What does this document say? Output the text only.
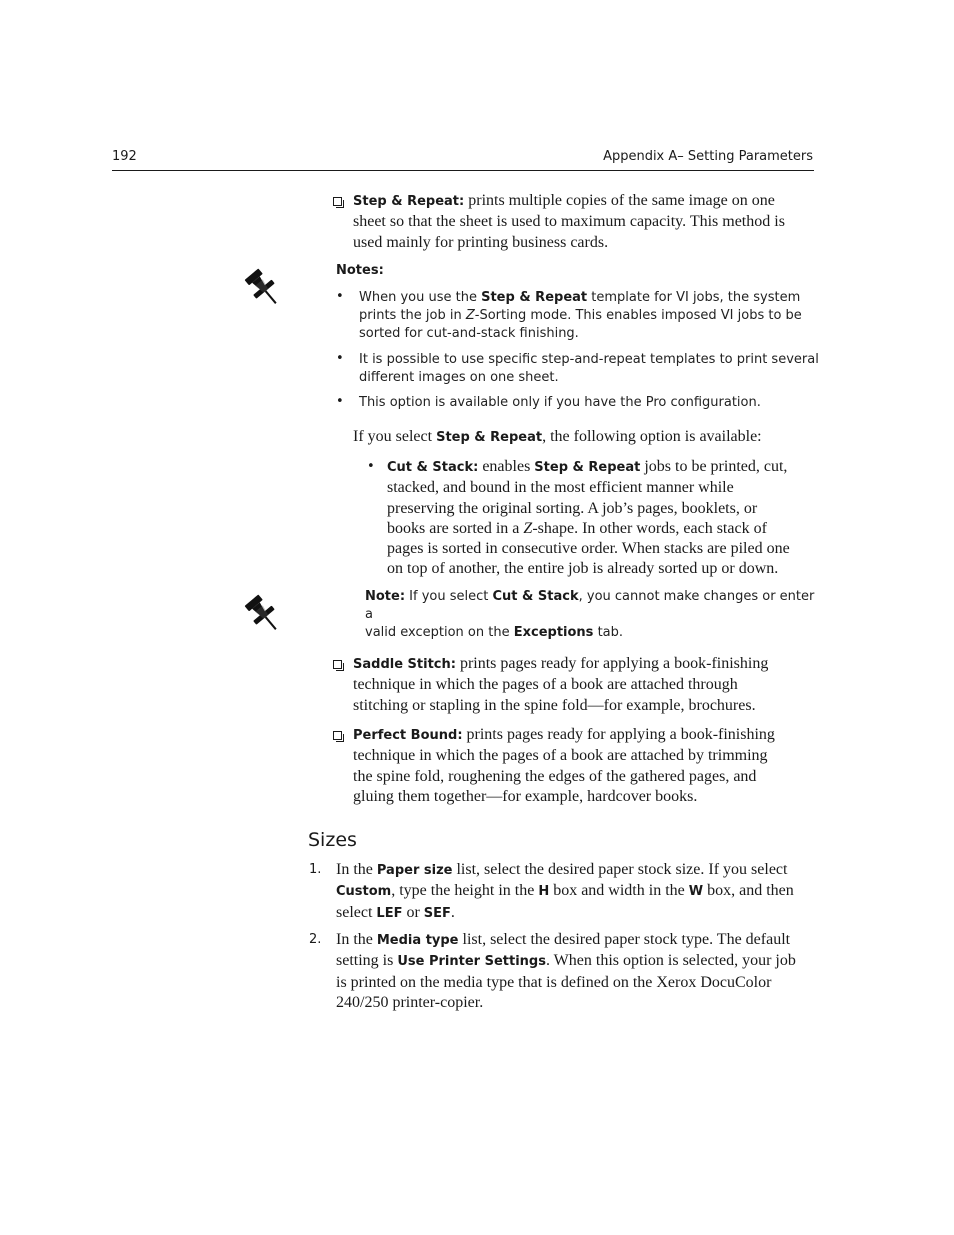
192	Appendix A– Setting Parameters
Step & Repeat: prints multiple copies of the same image on one
sheet so that the sheet is used to maximum capacity. This method is
used mainly for printing business cards.
Notes:
• When you use the Step & Repeat template for VI jobs, the system
prints the job in Z-Sorting mode. This enables imposed VI jobs to be
sorted for cut-and-stack finishing.
• It is possible to use specific step-and-repeat templates to print several
different images on one sheet.
• This option is available only if you have the Pro configuration.
If you select Step & Repeat, the following option is available:
• Cut & Stack: enables Step & Repeat jobs to be printed, cut,
stacked, and bound in the most efficient manner while
preserving the original sorting. A job’s pages, booklets, or
books are sorted in a Z-shape. In other words, each stack of
pages is sorted in consecutive order. When stacks are piled one
on top of another, the entire job is already sorted up or down.
Note: If you select Cut & Stack, you cannot make changes or enter a
valid exception on the Exceptions tab.
Saddle Stitch: prints pages ready for applying a book-finishing
technique in which the pages of a book are attached through
stitching or stapling in the spine fold—for example, brochures.
Perfect Bound: prints pages ready for applying a book-finishing
technique in which the pages of a book are attached by trimming
the spine fold, roughening the edges of the gathered pages, and
gluing them together—for example, hardcover books.
Sizes
1. In the Paper size list, select the desired paper stock size. If you select
Custom, type the height in the H box and width in the W box, and then
select LEF or SEF.
2. In the Media type list, select the desired paper stock type. The default
setting is Use Printer Settings. When this option is selected, your job
is printed on the media type that is defined on the Xerox DocuColor
240/250 printer-copier.
